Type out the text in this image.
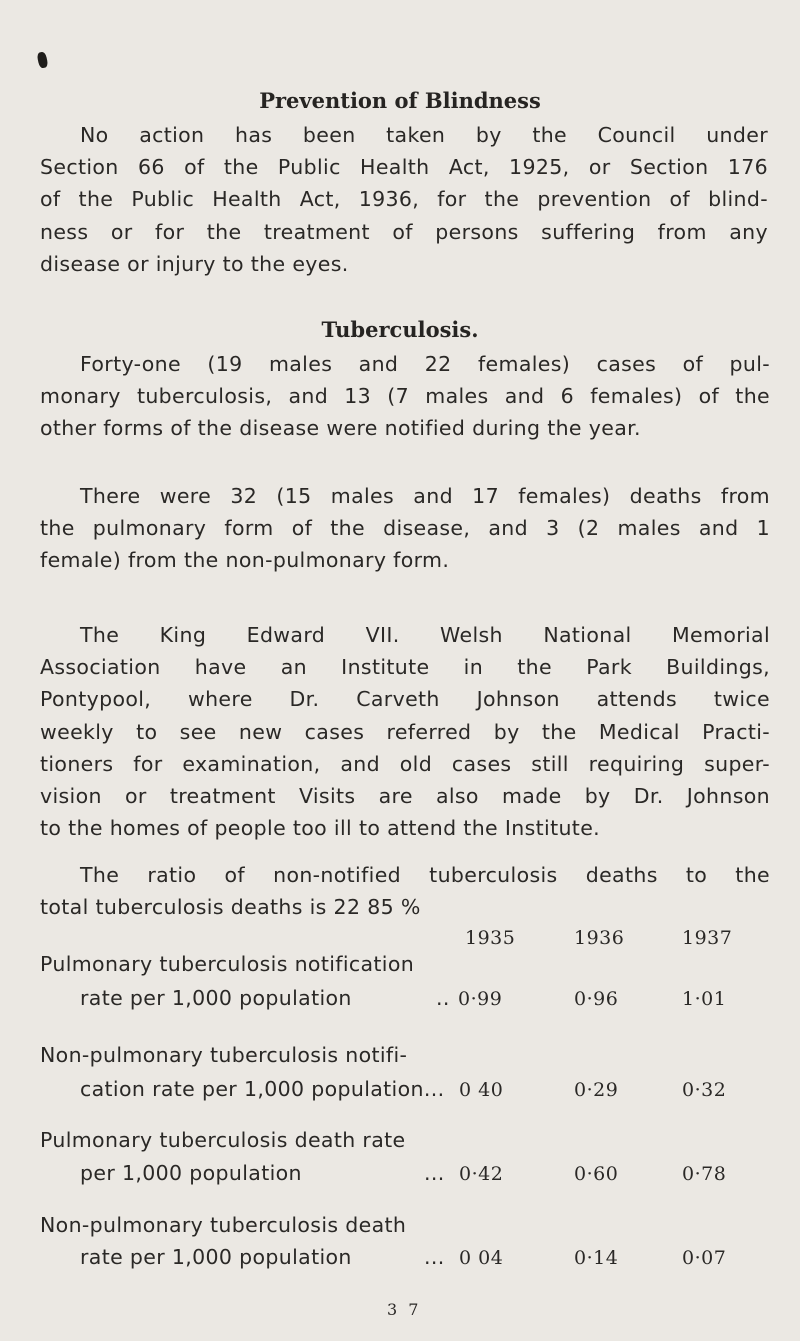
Prevention of Blindness
No action has been taken by the Council under
Section 66 of the Public Health Act, 1925, or Section 176
of the Public Health Act, 1936, for the prevention of blind-
ness or for the treatment of persons suffering from any
disease or injury to the eyes.
Tuberculosis.
Forty-one (19 males and 22 females) cases of pul-
monary tuberculosis, and 13 (7 males and 6 females) of the
other forms of the disease were notified during the year.
There were 32 (15 males and 17 females) deaths from
the pulmonary form of the disease, and 3 (2 males and 1
female) from the non-pulmonary form.
The King Edward VII. Welsh National Memorial
Association have an Institute in the Park Buildings,
Pontypool, where Dr. Carveth Johnson attends twice
weekly to see new cases referred by the Medical Practi-
tioners for examination, and old cases still requiring super-
vision or treatment Visits are also made by Dr. Johnson
to the homes of people too ill to attend the Institute.
The ratio of non-notified tuberculosis deaths to the
total tuberculosis deaths is 22 85 %
1935	1936	1937
Pulmonary tuberculosis notification
rate per 1,000 population	.. 0·99	0·96	1·01
Non-pulmonary tuberculosis notifi-
cation rate per 1,000 population... 0 40	0·29	0·32
Pulmonary tuberculosis death rate
per 1,000 population	... 0·42	0·60	0·78
Non-pulmonary tuberculosis death
rate per 1,000 population	... 0 04	0·14	0·07
3 7
